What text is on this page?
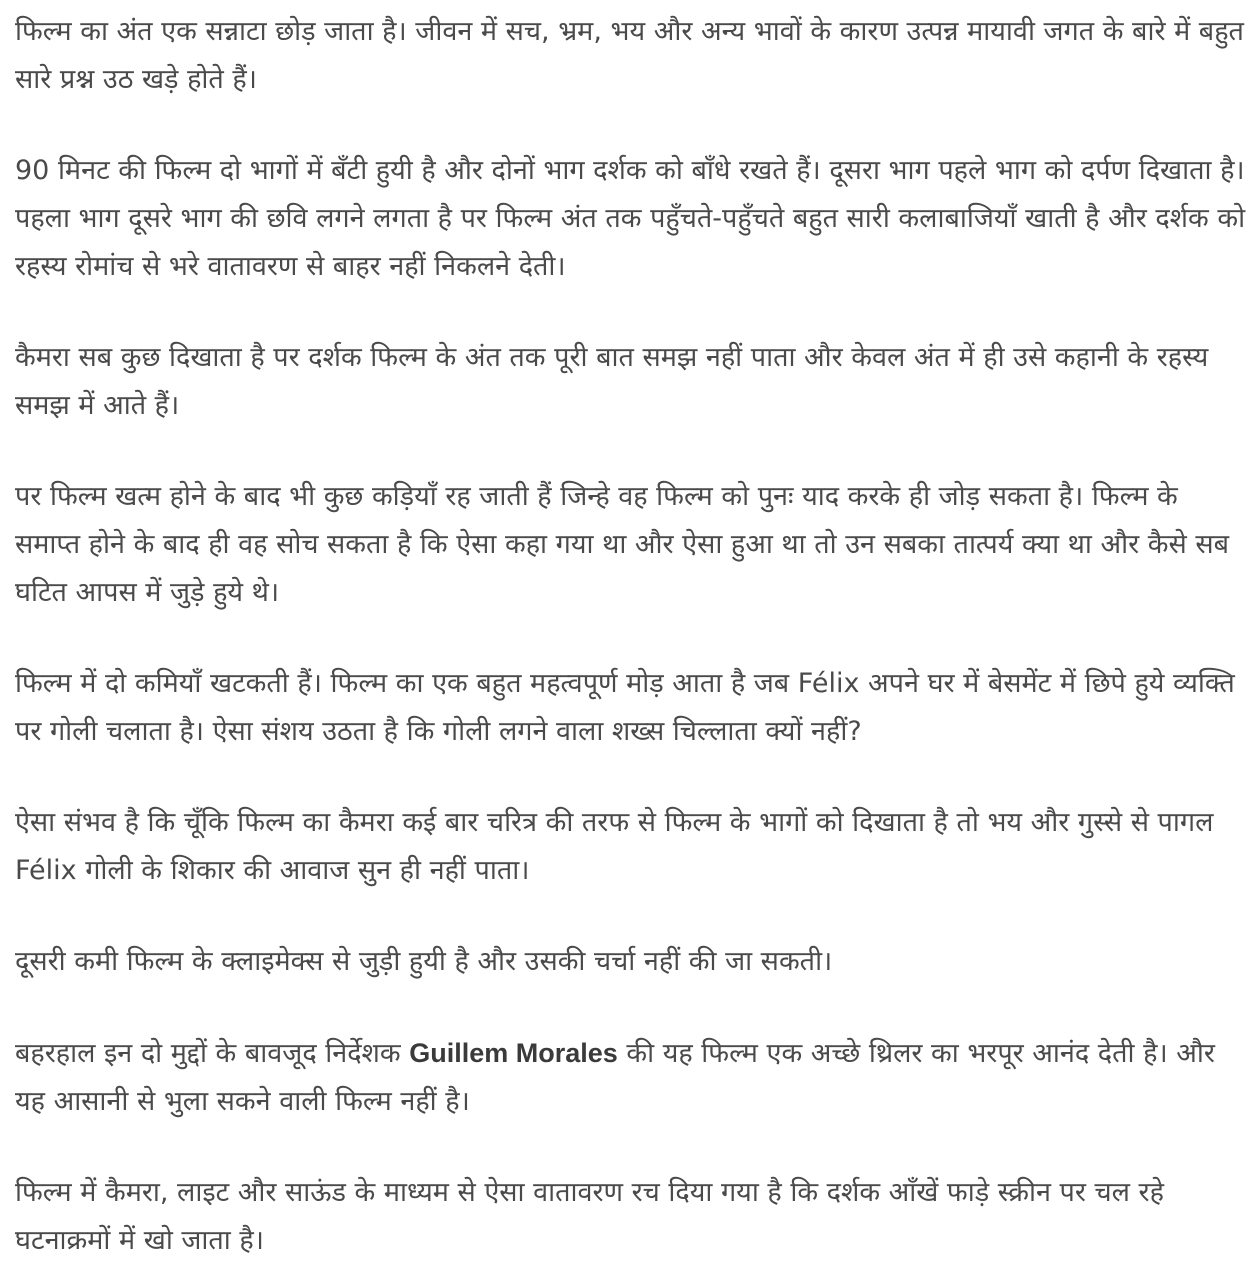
फिल्म का अंत एक सन्नाटा छोड़ जाता है। जीवन में सच, भ्रम, भय और अन्य भावों के कारण उत्पन्न मायावी जगत के बारे में बहुत सारे प्रश्न उठ खड़े होते हैं।

90 मिनट की फिल्म दो भागों में बँटी हुयी है और दोनों भाग दर्शक को बाँधे रखते हैं। दूसरा भाग पहले भाग को दर्पण दिखाता है। पहला भाग दूसरे भाग की छवि लगने लगता है पर फिल्म अंत तक पहुँचते-पहुँचते बहुत सारी कलाबाजियाँ खाती है और दर्शक को रहस्य रोमांच से भरे वातावरण से बाहर नहीं निकलने देती।

कैमरा सब कुछ दिखाता है पर दर्शक फिल्म के अंत तक पूरी बात समझ नहीं पाता और केवल अंत में ही उसे कहानी के रहस्य समझ में आते हैं।

पर फिल्म खत्म होने के बाद भी कुछ कड़ियाँ रह जाती हैं जिन्हे वह फिल्म को पुनः याद करके ही जोड़ सकता है। फिल्म के समाप्त होने के बाद ही वह सोच सकता है कि ऐसा कहा गया था और ऐसा हुआ था तो उन सबका तात्पर्य क्या था और कैसे सब घटित आपस में जुड़े हुये थे।

फिल्म में दो कमियाँ खटकती हैं। फिल्म का एक बहुत महत्वपूर्ण मोड़ आता है जब Félix अपने घर में बेसमेंट में छिपे हुये व्यक्ति पर गोली चलाता है। ऐसा संशय उठता है कि गोली लगने वाला शख्स चिल्लाता क्यों नहीं?

ऐसा संभव है कि चूँकि फिल्म का कैमरा कई बार चरित्र की तरफ से फिल्म के भागों को दिखाता है तो भय और गुस्से से पागल Félix गोली के शिकार की आवाज सुन ही नहीं पाता।

दूसरी कमी फिल्म के क्लाइमेक्स से जुड़ी हुयी है और उसकी चर्चा नहीं की जा सकती।

बहरहाल इन दो मुद्दों के बावजूद निर्देशक Guillem Morales की यह फिल्म एक अच्छे थ्रिलर का भरपूर आनंद देती है। और यह आसानी से भुला सकने वाली फिल्म नहीं है।

फिल्म में कैमरा, लाइट और साऊंड के माध्यम से ऐसा वातावरण रच दिया गया है कि दर्शक आँखें फाड़े स्क्रीन पर चल रहे घटनाक्रमों में खो जाता है।
